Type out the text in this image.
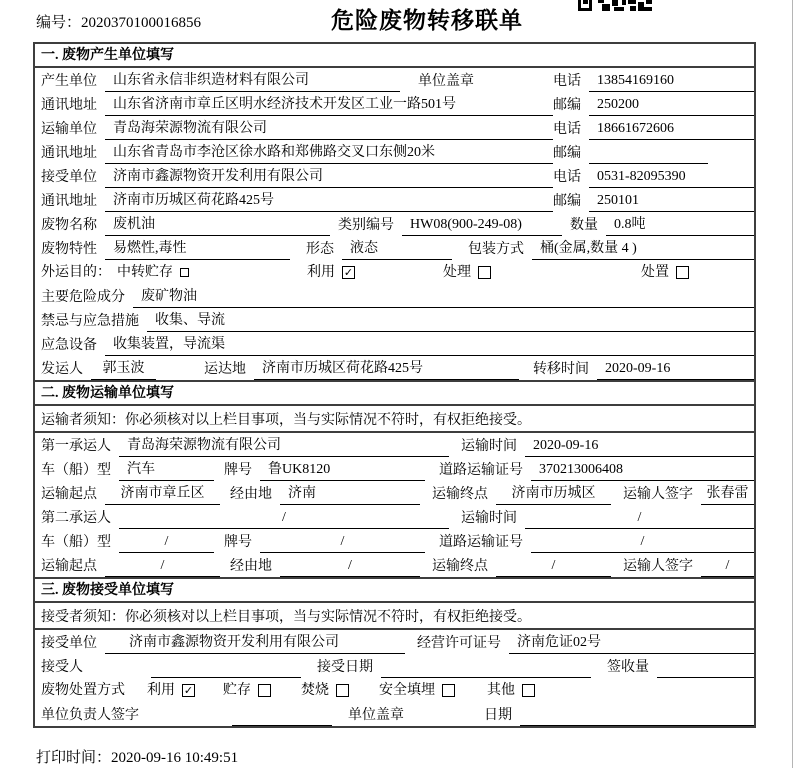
编号：2020370100016856	危险废物转移联单
一. 废物产生单位填写
产生单位	山东省永信非织造材料有限公司	单位盖章	电话	13854169160
通讯地址	山东省济南市章丘区明水经济技术开发区工业一路501号	邮编	250200
运输单位	青岛海荣源物流有限公司	电话	18661672606
通讯地址	山东省青岛市李沧区徐水路和郑佛路交叉口东侧20米	邮编
接受单位	济南市鑫源物资开发利用有限公司	电话	0531-82095390
通讯地址	济南市历城区荷花路425号	邮编	250101
废物名称	废机油	类别编号	HW08(900-249-08)	数量	0.8吨
废物特性	易燃性,毒性	形态	液态	包装方式	桶(金属,数量 4 )
外运目的： 中转贮存	利用 ✓	处理	处置
主要危险成分	废矿物油
禁忌与应急措施	收集、导流
应急设备	收集装置，导流渠
发运人	郭玉波	运达地	济南市历城区荷花路425号	转移时间	2020-09-16
二. 废物运输单位填写
运输者须知： 你必须核对以上栏目事项，当与实际情况不符时，有权拒绝接受。
第一承运人	青岛海荣源物流有限公司	运输时间	2020-09-16
车（船）型	汽车	牌号	鲁UK8120	道路运输证号	370213006408
运输起点	济南市章丘区	经由地	济南	运输终点	济南市历城区	运输人签字 张春雷
第二承运人	/	运输时间	/
车（船）型	/	牌号	/	道路运输证号	/
运输起点	/	经由地	/	运输终点	/	运输人签字	/
三. 废物接受单位填写
接受者须知： 你必须核对以上栏目事项，当与实际情况不符时，有权拒绝接受。
接受单位	济南市鑫源物资开发利用有限公司	经营许可证号	济南危证02号
接受人	接受日期	签收量
废物处置方式 利用 ✓ 贮存	焚烧	安全填埋	其他
单位负责人签字	单位盖章	日期
打印时间：2020-09-16 10:49:51
